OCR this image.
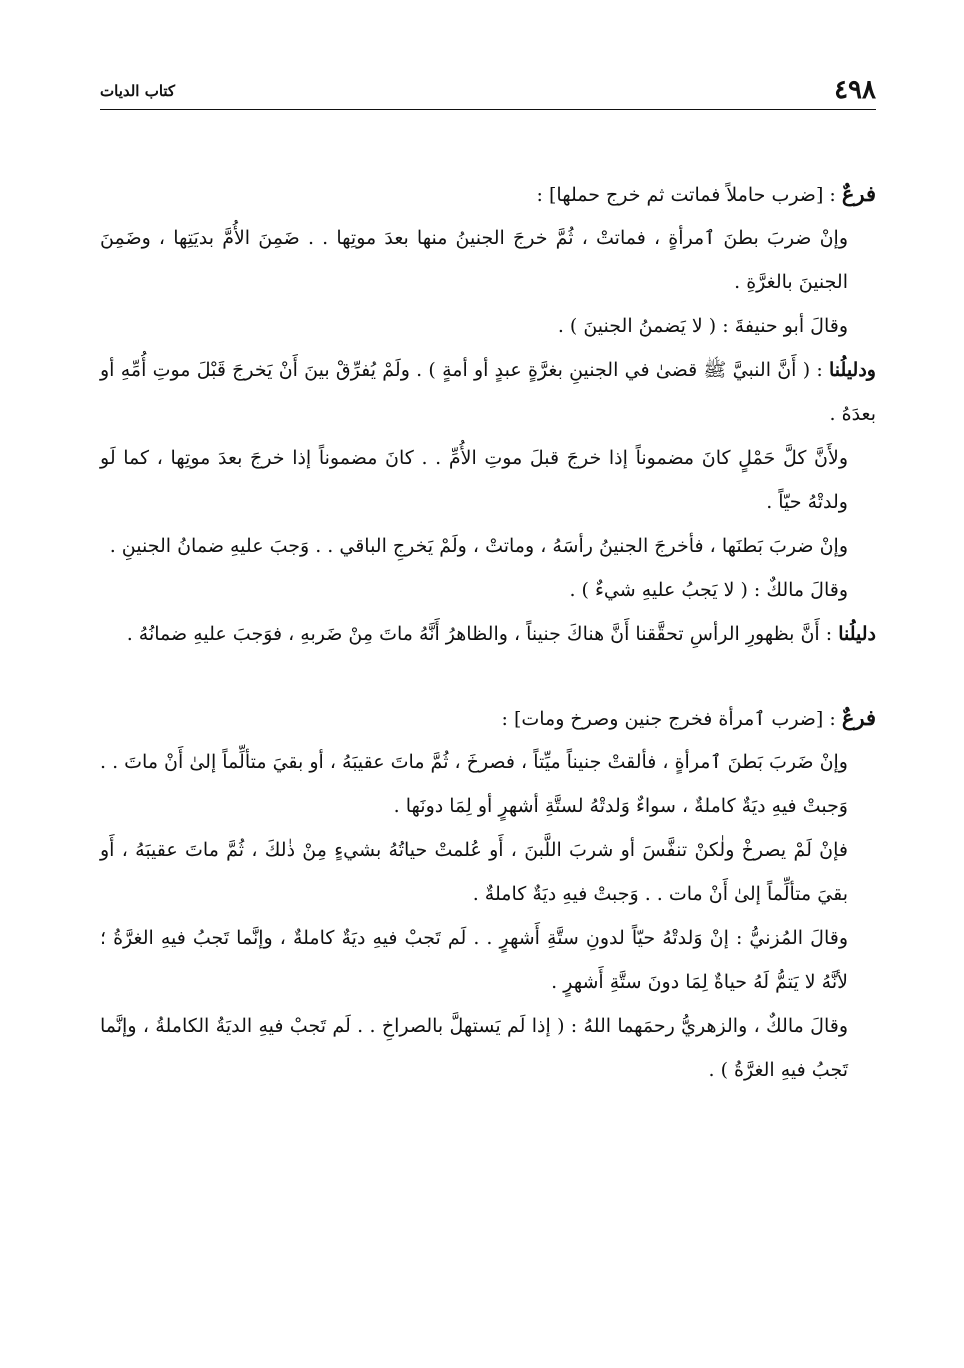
٤٩٨
كتاب الديات

فرعٌ : [ضرب حاملاً فماتت ثم خرج حملها] :

وإنْ ضربَ بطنَ ٱمرأةٍ ، فماتتْ ، ثُمَّ خرجَ الجنينُ منها بعدَ موتِها . . ضَمِنَ الأُمَّ بديَتِها ، وضَمِنَ الجنينَ بالغرَّةِ .

وقالَ أبو حنيفةَ : ( لا يَضمنُ الجنينَ ) .

ودليلُنا : ( أَنَّ النبيَّ ﷺ قضىٰ في الجنينِ بغرَّةٍ عبدٍ أو أمةٍ ) . ولَمْ يُفرِّقْ بينَ أَنْ يَخرجَ قَبْلَ موتِ أُمِّهِ أو بعدَهُ .

ولأَنَّ كلَّ حَمْلٍ كانَ مضموناً إذا خرجَ قبلَ موتِ الأُمِّ . . كانَ مضموناً إذا خرجَ بعدَ موتِها ، كما لَو ولدتْهُ حيّاً .

وإنْ ضربَ بَطنَها ، فأخرجَ الجنينُ رأسَهُ ، وماتتْ ، ولَمْ يَخرجِ الباقي . . وَجبَ عليهِ ضمانُ الجنينِ .

وقالَ مالكٌ : ( لا يَجبُ عليهِ شيءٌ ) .

دليلُنا : أَنَّ بظهورِ الرأسِ تحقَّقنا أَنَّ هناكَ جنيناً ، والظاهرُ أَنَّهُ ماتَ مِنْ ضَربهِ ، فوَجبَ عليهِ ضمانُهُ .

فرعٌ : [ضرب ٱمرأة فخرج جنين وصرخ ومات] :

وإنْ ضَربَ بَطنَ ٱمرأةٍ ، فألقتْ جنيناً ميِّتاً ، فصرخَ ، ثُمَّ ماتَ عقيبَهُ ، أو بقيَ متألِّماً إلىٰ أَنْ ماتَ . . وَجبتْ فيهِ ديَةٌ كاملةٌ ، سواءٌ وَلدتْهُ لستَّةِ أشهرٍ أو لِمَا دونَها .

فإنْ لَمْ يصرخْ ولٰكنْ تنفَّسَ أو شربَ اللَّبنَ ، أَو عُلمتْ حياتُهُ بشيءٍ مِنْ ذٰلكَ ، ثُمَّ ماتَ عقيبَهُ ، أَو بقيَ متألِّماً إلىٰ أَنْ مات . . وَجبتْ فيهِ ديَةٌ كاملةٌ .

وقالَ المُزنيُّ : إنْ وَلدتْهُ حيّاً لدونِ ستَّةِ أَشهرٍ . . لَم تَجبْ فيهِ ديَةٌ كاملةٌ ، وإنَّما تَجبُ فيهِ الغرَّةُ ؛ لأنَّهُ لا يَتمُّ لَهُ حياةٌ لِمَا دونَ ستَّةِ أَشهرٍ .

وقالَ مالكٌ ، والزهريُّ رحمَهما اللهُ : ( إذا لَم يَستهلَّ بالصراخِ . . لَم تَجبْ فيهِ الديَةُ الكاملةُ ، وإنَّما تَجبُ فيهِ الغرَّةُ ) .
